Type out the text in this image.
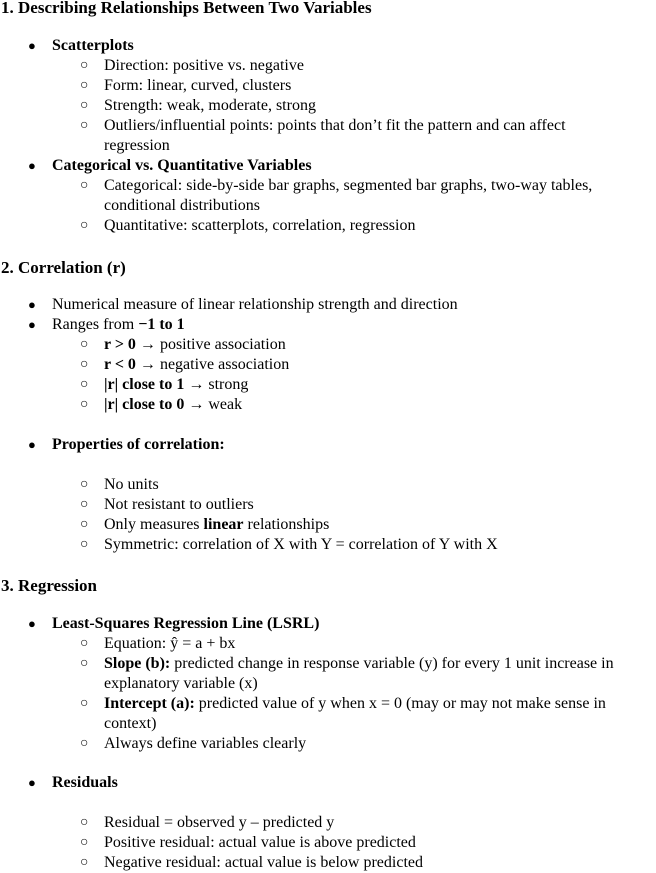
1. Describing Relationships Between Two Variables
● Scatterplots
○ Direction: positive vs. negative
○ Form: linear, curved, clusters
○ Strength: weak, moderate, strong
○ Outliers/influential points: points that don’t fit the pattern and can affect
regression
● Categorical vs. Quantitative Variables
○ Categorical: side-by-side bar graphs, segmented bar graphs, two-way tables,
conditional distributions
○ Quantitative: scatterplots, correlation, regression
2. Correlation (r)
● Numerical measure of linear relationship strength and direction
● Ranges from −1 to 1
○ r > 0 → positive association
○ r < 0 → negative association
○ |r| close to 1 → strong
○ |r| close to 0 → weak
● Properties of correlation:
○ No units
○ Not resistant to outliers
○ Only measures linear relationships
○ Symmetric: correlation of X with Y = correlation of Y with X
3. Regression
● Least-Squares Regression Line (LSRL)
○ Equation: ŷ = a + bx
○ Slope (b): predicted change in response variable (y) for every 1 unit increase in
explanatory variable (x)
○ Intercept (a): predicted value of y when x = 0 (may or may not make sense in
context)
○ Always define variables clearly
● Residuals
○ Residual = observed y – predicted y
○ Positive residual: actual value is above predicted
○ Negative residual: actual value is below predicted
